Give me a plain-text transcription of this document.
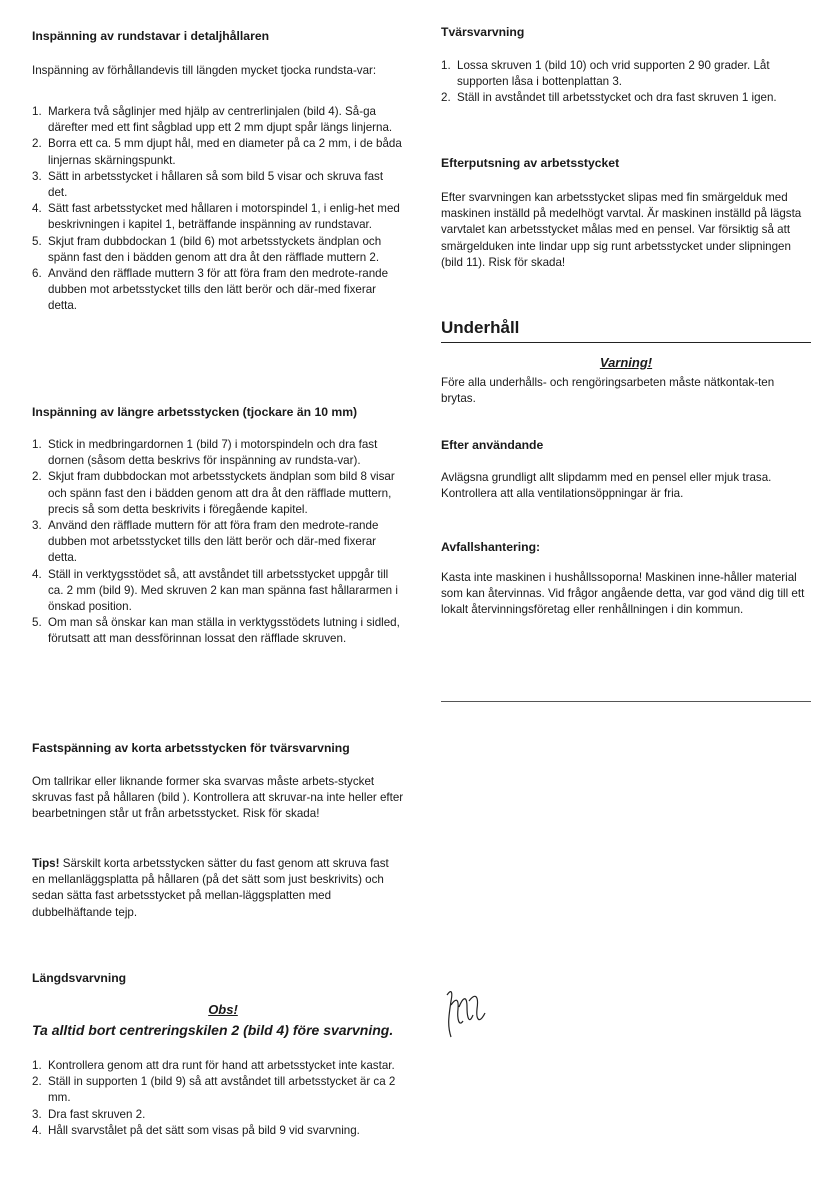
Inspänning av rundstavar i detaljhållaren

Inspänning av förhållandevis till längden mycket tjocka rundsta-var:

1. Markera två såglinjer med hjälp av centrerlinjalen (bild 4). Så-ga därefter med ett fint sågblad upp ett 2 mm djupt spår längs linjerna.
2. Borra ett ca. 5 mm djupt hål, med en diameter på ca 2 mm, i de båda linjernas skärningspunkt.
3. Sätt in arbetsstycket i hållaren så som bild 5 visar och skruva fast det.
4. Sätt fast arbetsstycket med hållaren i motorspindel 1, i enlig-het med beskrivningen i kapitel 1, beträffande inspänning av rundstavar.
5. Skjut fram dubbdockan 1 (bild 6) mot arbetsstyckets ändplan och spänn fast den i bädden genom att dra åt den räfflade muttern 2.
6. Använd den räfflade muttern 3 för att föra fram den medrote-rande dubben mot arbetsstycket tills den lätt berör och där-med fixerar detta.
Inspänning av längre arbetsstycken (tjockare än 10 mm)
1. Stick in medbringardornen 1 (bild 7) i motorspindeln och dra fast dornen (såsom detta beskrivs för inspänning av rundsta-var).
2. Skjut fram dubbdockan mot arbetsstyckets ändplan som bild 8 visar och spänn fast den i bädden genom att dra åt den räfflade muttern, precis så som detta beskrivits i föregående kapitel.
3. Använd den räfflade muttern för att föra fram den medrote-rande dubben mot arbetsstycket tills den lätt berör och där-med fixerar detta.
4. Ställ in verktygsstödet så, att avståndet till arbetsstycket uppgår till ca. 2 mm (bild 9). Med skruven 2 kan man spänna fast hållararmen i önskad position.
5. Om man så önskar kan man ställa in verktygsstödets lutning i sidled, förutsatt att man dessförinnan lossat den räfflade skruven.
Fastspänning av korta arbetsstycken för tvärsvarvning

Om tallrikar eller liknande former ska svarvas måste arbets-stycket skruvas fast på hållaren (bild ). Kontrollera att skruvar-na inte heller efter bearbetningen står ut från arbetsstycket. Risk för skada!

Tips! Särskilt korta arbetsstycken sätter du fast genom att skruva fast en mellanläggsplatta på hållaren (på det sätt som just beskrivits) och sedan sätta fast arbetsstycket på mellan-läggsplatten med dubbelhäftande tejp.

Längdsvarvning
Obs!
Ta alltid bort centreringskilen 2 (bild 4) före svarvning.
1. Kontrollera genom att dra runt för hand att arbetsstycket inte kastar.
2. Ställ in supporten 1 (bild 9) så att avståndet till arbetsstycket är ca 2 mm.
3. Dra fast skruven 2.
4. Håll svarvstålet på det sätt som visas på bild 9 vid svarvning.
Tvärsvarvning
1. Lossa skruven 1 (bild 10) och vrid supporten 2 90 grader. Låt supporten låsa i bottenplattan 3.
2. Ställ in avståndet till arbetsstycket och dra fast skruven 1 igen.
Efterputsning av arbetsstycket

Efter svarvningen kan arbetsstycket slipas med fin smärgelduk med maskinen inställd på medelhögt varvtal. Är maskinen inställd på lägsta varvtalet kan arbetsstycket målas med en pensel. Var försiktig så att smärgelduken inte lindar upp sig runt arbetsstycket under slipningen (bild 11). Risk för skada!

Underhåll
Varning!

Före alla underhålls- och rengöringsarbeten måste nätkontak-ten brytas.

Efter användande

Avlägsna grundligt allt slipdamm med en pensel eller mjuk trasa. Kontrollera att alla ventilationsöppningar är fria.

Avfallshantering:

Kasta inte maskinen i hushållssoporna! Maskinen inne-håller material som kan återvinnas. Vid frågor angående detta, var god vänd dig till ett lokalt återvinningsföretag eller renhållningen i din kommun.
